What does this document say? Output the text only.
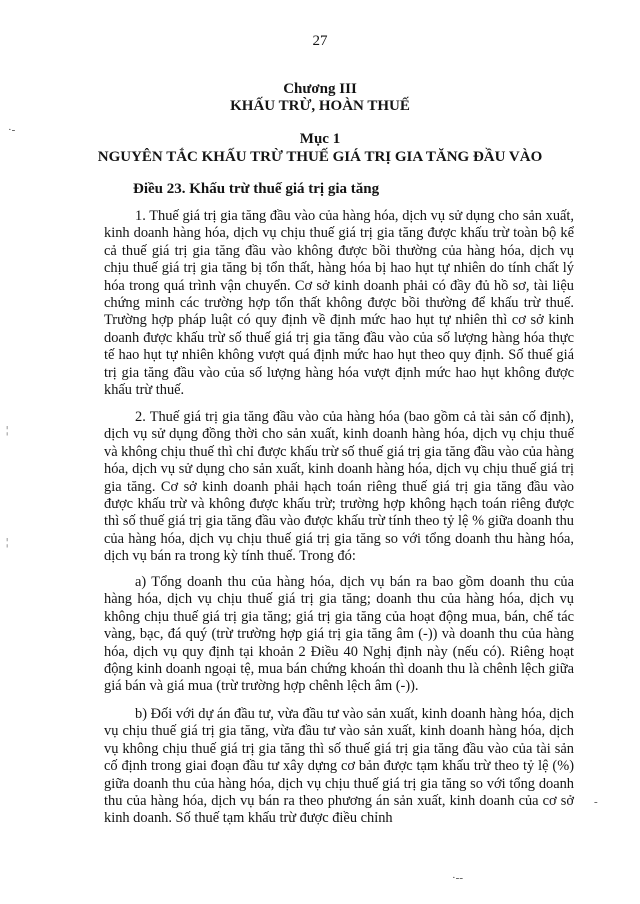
27
Chương III
KHẤU TRỪ, HOÀN THUẾ
Mục 1
NGUYÊN TẮC KHẤU TRỪ THUẾ GIÁ TRỊ GIA TĂNG ĐẦU VÀO
Điều 23. Khấu trừ thuế giá trị gia tăng

1. Thuế giá trị gia tăng đầu vào của hàng hóa, dịch vụ sử dụng cho sản xuất, kinh doanh hàng hóa, dịch vụ chịu thuế giá trị gia tăng được khấu trừ toàn bộ kể cả thuế giá trị gia tăng đầu vào không được bồi thường của hàng hóa, dịch vụ chịu thuế giá trị gia tăng bị tổn thất, hàng hóa bị hao hụt tự nhiên do tính chất lý hóa trong quá trình vận chuyển. Cơ sở kinh doanh phải có đầy đủ hồ sơ, tài liệu chứng minh các trường hợp tổn thất không được bồi thường để khấu trừ thuế. Trường hợp pháp luật có quy định về định mức hao hụt tự nhiên thì cơ sở kinh doanh được khấu trừ số thuế giá trị gia tăng đầu vào của số lượng hàng hóa thực tế hao hụt tự nhiên không vượt quá định mức hao hụt theo quy định. Số thuế giá trị gia tăng đầu vào của số lượng hàng hóa vượt định mức hao hụt không được khấu trừ thuế.

2. Thuế giá trị gia tăng đầu vào của hàng hóa (bao gồm cả tài sản cố định), dịch vụ sử dụng đồng thời cho sản xuất, kinh doanh hàng hóa, dịch vụ chịu thuế và không chịu thuế thì chỉ được khấu trừ số thuế giá trị gia tăng đầu vào của hàng hóa, dịch vụ sử dụng cho sản xuất, kinh doanh hàng hóa, dịch vụ chịu thuế giá trị gia tăng. Cơ sở kinh doanh phải hạch toán riêng thuế giá trị gia tăng đầu vào được khấu trừ và không được khấu trừ; trường hợp không hạch toán riêng được thì số thuế giá trị gia tăng đầu vào được khấu trừ tính theo tỷ lệ % giữa doanh thu của hàng hóa, dịch vụ chịu thuế giá trị gia tăng so với tổng doanh thu hàng hóa, dịch vụ bán ra trong kỳ tính thuế. Trong đó:

a) Tổng doanh thu của hàng hóa, dịch vụ bán ra bao gồm doanh thu của hàng hóa, dịch vụ chịu thuế giá trị gia tăng; doanh thu của hàng hóa, dịch vụ không chịu thuế giá trị gia tăng; giá trị gia tăng của hoạt động mua, bán, chế tác vàng, bạc, đá quý (trừ trường hợp giá trị gia tăng âm (-)) và doanh thu của hàng hóa, dịch vụ quy định tại khoản 2 Điều 40 Nghị định này (nếu có). Riêng hoạt động kinh doanh ngoại tệ, mua bán chứng khoán thì doanh thu là chênh lệch giữa giá bán và giá mua (trừ trường hợp chênh lệch âm (-)).

b) Đối với dự án đầu tư, vừa đầu tư vào sản xuất, kinh doanh hàng hóa, dịch vụ chịu thuế giá trị gia tăng, vừa đầu tư vào sản xuất, kinh doanh hàng hóa, dịch vụ không chịu thuế giá trị gia tăng thì số thuế giá trị gia tăng đầu vào của tài sản cố định trong giai đoạn đầu tư xây dựng cơ bản được tạm khấu trừ theo tỷ lệ (%) giữa doanh thu của hàng hóa, dịch vụ chịu thuế giá trị gia tăng so với tổng doanh thu của hàng hóa, dịch vụ bán ra theo phương án sản xuất, kinh doanh của cơ sở kinh doanh. Số thuế tạm khấu trừ được điều chỉnh

·-
¦
¦
-
·--
